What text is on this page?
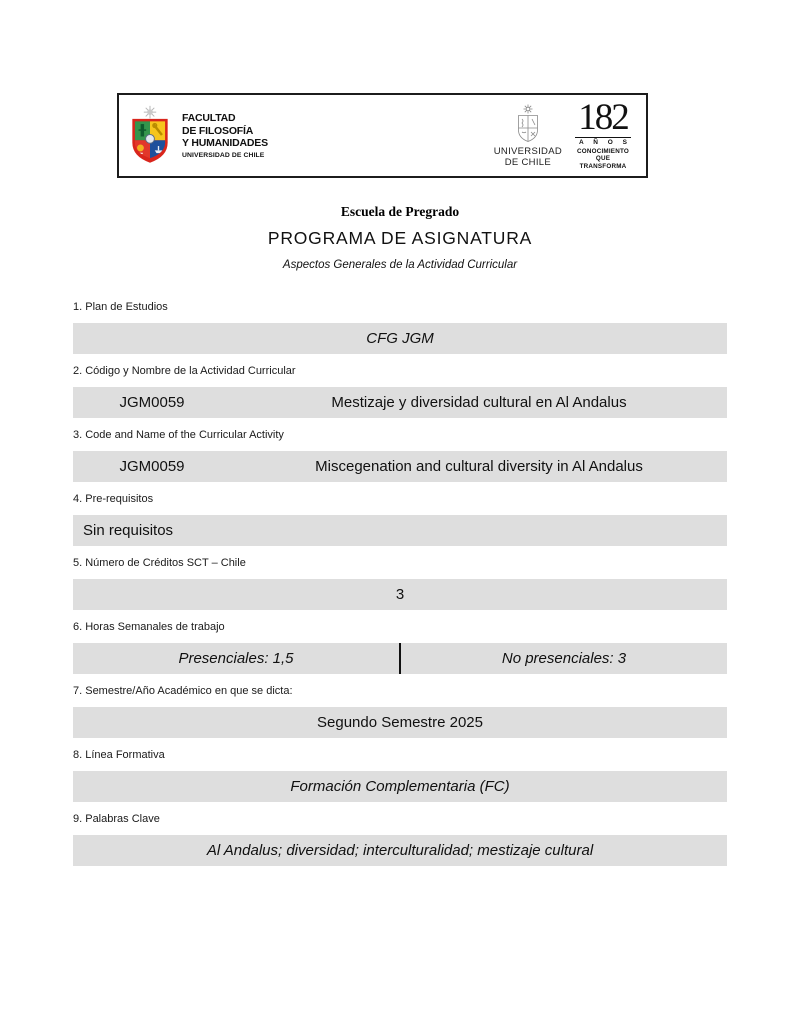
FACULTAD
DE FILOSOFÍA
Y HUMANIDADES
UNIVERSIDAD DE CHILE	UNIVERSIDAD
DE CHILE
182
A Ñ O S
CONOCIMIENTO
QUE TRANSFORMA
Escuela de Pregrado
PROGRAMA DE ASIGNATURA
Aspectos Generales de la Actividad Curricular
1. Plan de Estudios
CFG JGM
2. Código y Nombre de la Actividad Curricular
JGM0059	Mestizaje y diversidad cultural en Al Andalus
3. Code and Name of the Curricular Activity
JGM0059	Miscegenation and cultural diversity in Al Andalus
4. Pre-requisitos
Sin requisitos
5. Número de Créditos SCT – Chile
3
6. Horas Semanales de trabajo
Presenciales: 1,5	No presenciales: 3
7. Semestre/Año Académico en que se dicta:
Segundo Semestre 2025
8. Línea Formativa
Formación Complementaria (FC)
9. Palabras Clave
Al Andalus; diversidad; interculturalidad; mestizaje cultural
